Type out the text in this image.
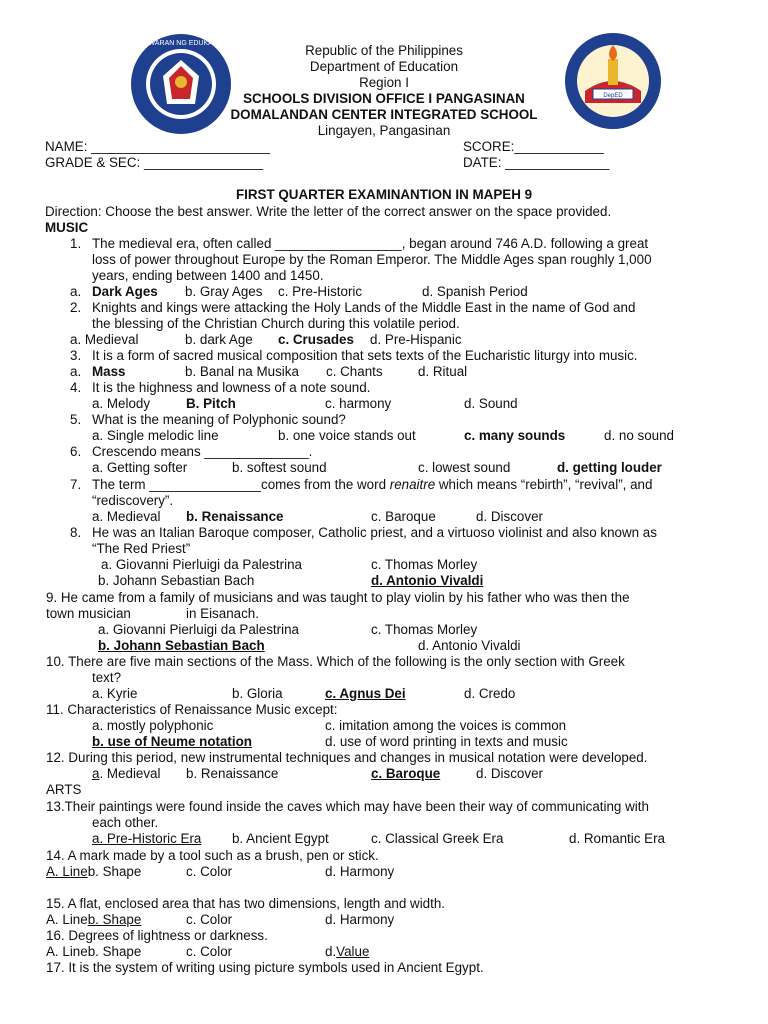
KAGAWARAN NG EDUKASYON
DepED
Republic of the Philippines
Department of Education
Region I
SCHOOLS DIVISION OFFICE I PANGASINAN
DOMALANDAN CENTER INTEGRATED SCHOOL
Lingayen, Pangasinan
NAME: ________________________	SCORE:____________
GRADE & SEC: ________________	DATE: ______________
FIRST QUARTER EXAMINANTION IN MAPEH 9
Direction: Choose the best answer. Write the letter of the correct answer on the space provided.
MUSIC
1. The medieval era, often called _________________, began around 746 A.D. following a great
loss of power throughout Europe by the Roman Emperor. The Middle Ages span roughly 1,000
years, ending between 1400 and 1450.
a. Dark Ages b. Gray Ages c. Pre-Historic	d. Spanish Period
2. Knights and kings were attacking the Holy Lands of the Middle East in the name of God and
the blessing of the Christian Church during this volatile period.
a. Medieval	b. dark Age c. Crusades d. Pre-Hispanic
3. It is a form of sacred musical composition that sets texts of the Eucharistic liturgy into music.
a. Mass	b. Banal na Musika c. Chants	d. Ritual
4. It is the highness and lowness of a note sound.
a. Melody	B. Pitch	c. harmony	d. Sound
5. What is the meaning of Polyphonic sound?
a. Single melodic line	b. one voice stands out	c. many sounds	d. no sound
6. Crescendo means ______________.
a. Getting softer	b. softest sound	c. lowest sound	d. getting louder
7. The term _______________comes from the word renaitre which means “rebirth”, “revival”, and
“rediscovery”.
a. Medieval b. Renaissance	c. Baroque	d. Discover
8. He was an Italian Baroque composer, Catholic priest, and a virtuoso violinist and also known as
“The Red Priest”
a. Giovanni Pierluigi da Palestrina	c. Thomas Morley
b. Johann Sebastian Bach	d. Antonio Vivaldi
9. He came from a family of musicians and was taught to play violin by his father who was then the
town musician	in Eisanach.
a. Giovanni Pierluigi da Palestrina	c. Thomas Morley
b. Johann Sebastian Bach	d. Antonio Vivaldi
10. There are five main sections of the Mass. Which of the following is the only section with Greek
text?
a. Kyrie	b. Gloria	c. Agnus Dei	d. Credo
11. Characteristics of Renaissance Music except:
a. mostly polyphonic	c. imitation among the voices is common
b. use of Neume notation	d. use of word printing in texts and music
12. During this period, new instrumental techniques and changes in musical notation were developed.
a. Medieval b. Renaissance	c. Baroque	d. Discover
ARTS
13.Their paintings were found inside the caves which may have been their way of communicating with
each other.
a. Pre-Historic Era b. Ancient Egypt	c. Classical Greek Era	d. Romantic Era
14. A mark made by a tool such as a brush, pen or stick.
A. Lineb. Shape	c. Color	d. Harmony
15. A flat, enclosed area that has two dimensions, length and width.
A. Lineb. Shape	c. Color	d. Harmony
16. Degrees of lightness or darkness.
A. Lineb. Shape	c. Color	d.Value
17. It is the system of writing using picture symbols used in Ancient Egypt.
